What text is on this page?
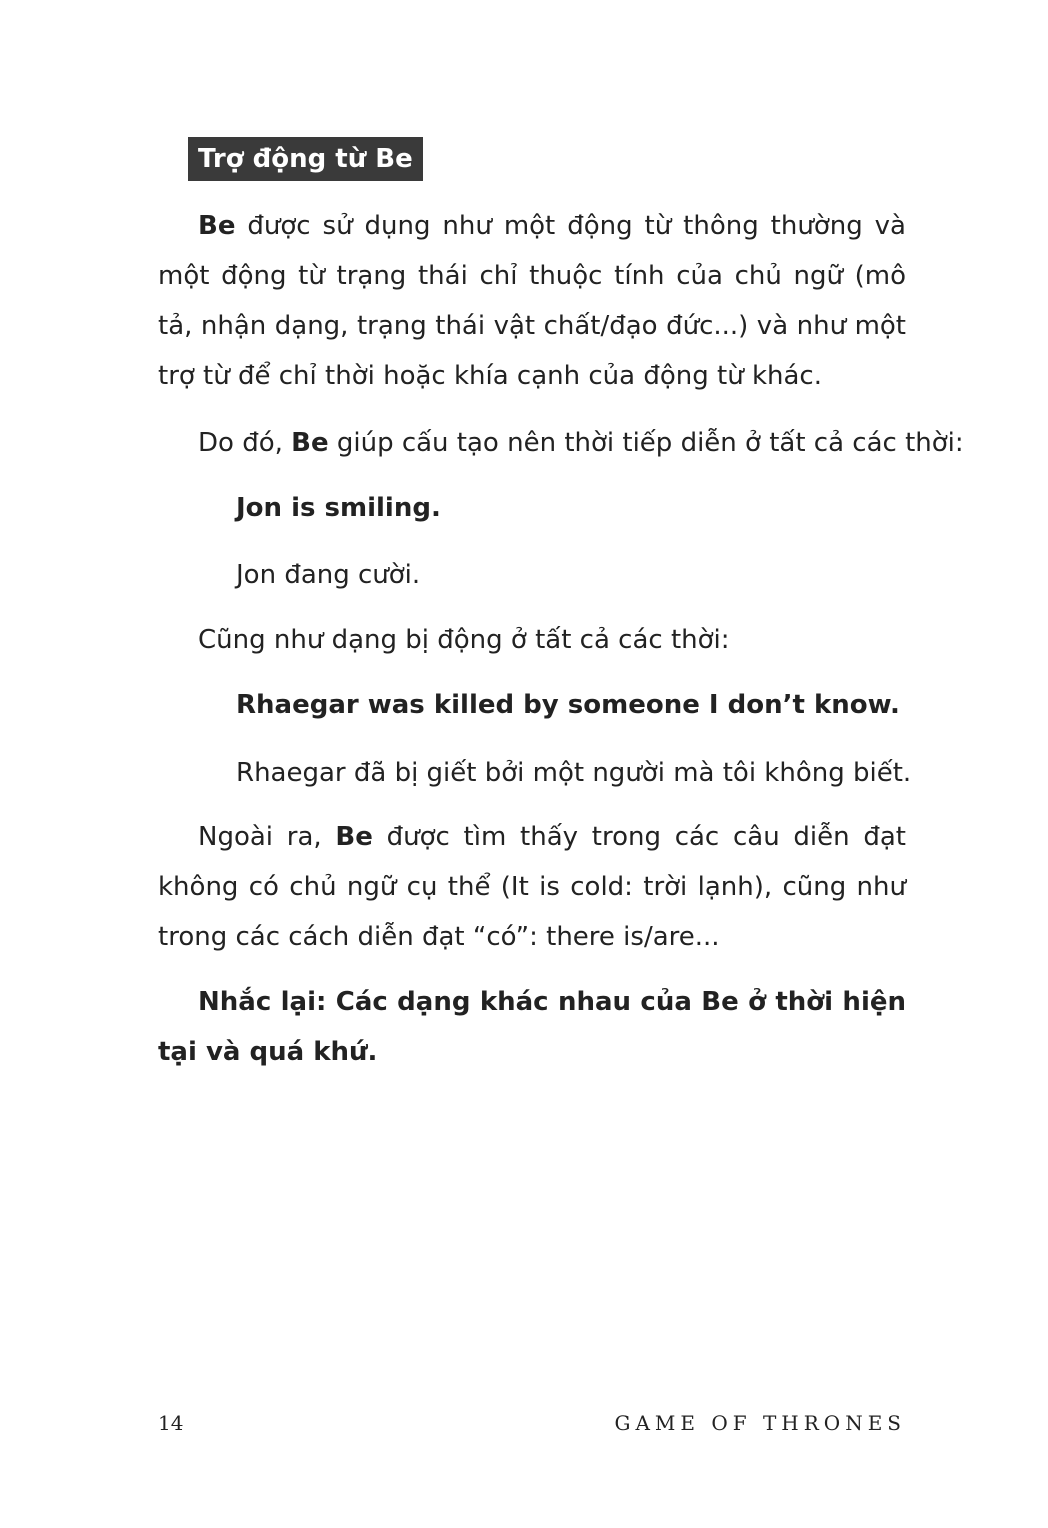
Trợ động từ Be

Be được sử dụng như một động từ thông thường và một động từ trạng thái chỉ thuộc tính của chủ ngữ (mô tả, nhận dạng, trạng thái vật chất/đạo đức...) và như một trợ từ để chỉ thời hoặc khía cạnh của động từ khác.

Do đó, Be giúp cấu tạo nên thời tiếp diễn ở tất cả các thời:

Jon is smiling.

Jon đang cười.

Cũng như dạng bị động ở tất cả các thời:

Rhaegar was killed by someone I don’t know.

Rhaegar đã bị giết bởi một người mà tôi không biết.

Ngoài ra, Be được tìm thấy trong các câu diễn đạt không có chủ ngữ cụ thể (It is cold: trời lạnh), cũng như trong các cách diễn đạt “có”: there is/are...

Nhắc lại: Các dạng khác nhau của Be ở thời hiện tại và quá khứ.

14	GAME OF THRONES
